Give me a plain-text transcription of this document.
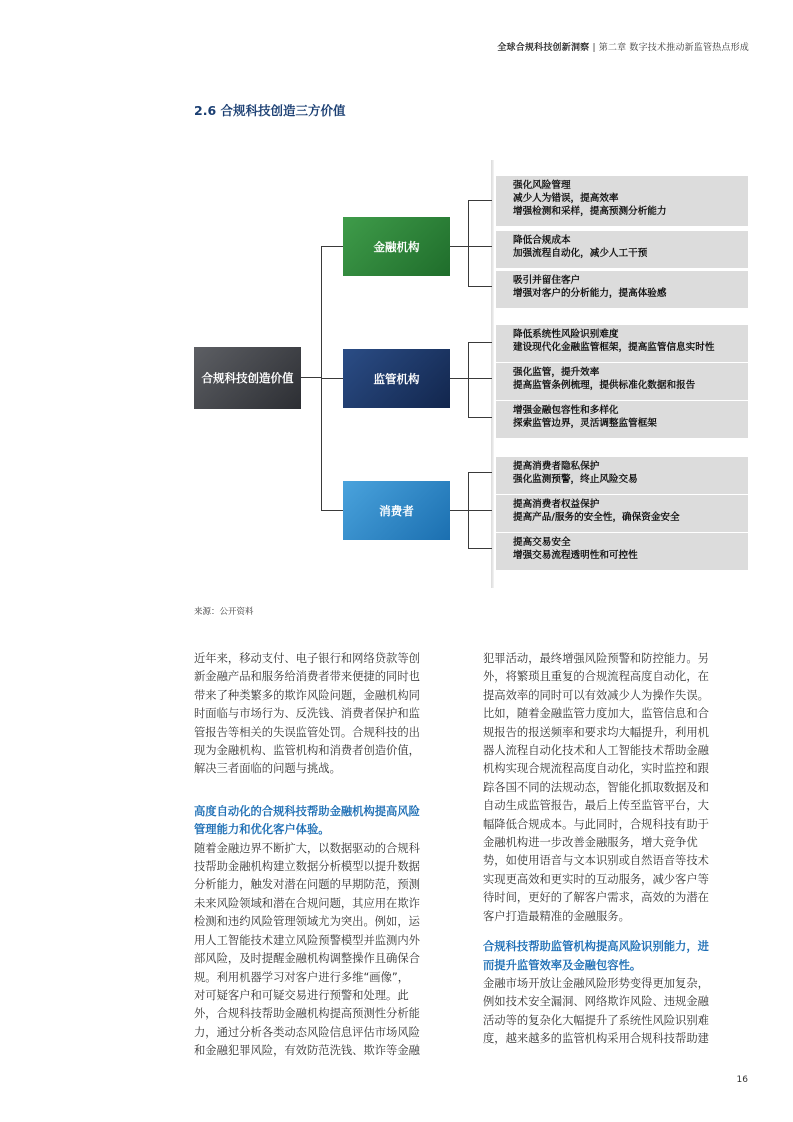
全球合规科技创新洞察 | 第二章 数字技术推动新监管热点形成
2.6 合规科技创造三方价值
合规科技创造价值
金融机构
监管机构
消费者
强化风险管理
减少人为错误，提高效率
增强检测和采样，提高预测分析能力
降低合规成本
加强流程自动化，减少人工干预
吸引并留住客户
增强对客户的分析能力，提高体验感
降低系统性风险识别难度
建设现代化金融监管框架，提高监管信息实时性
强化监管，提升效率
提高监管条例梳理，提供标准化数据和报告
增强金融包容性和多样化
探索监管边界，灵活调整监管框架
提高消费者隐私保护
强化监测预警，终止风险交易
提高消费者权益保护
提高产品/服务的安全性，确保资金安全
提高交易安全
增强交易流程透明性和可控性
来源：公开资料

近年来，移动支付、电子银行和网络贷款等创
新金融产品和服务给消费者带来便捷的同时也
带来了种类繁多的欺诈风险问题，金融机构同
时面临与市场行为、反洗钱、消费者保护和监
管报告等相关的失误监管处罚。合规科技的出
现为金融机构、监管机构和消费者创造价值，
解决三者面临的问题与挑战。

高度自动化的合规科技帮助金融机构提高风险
管理能力和优化客户体验。

随着金融边界不断扩大，以数据驱动的合规科
技帮助金融机构建立数据分析模型以提升数据
分析能力，触发对潜在问题的早期防范，预测
未来风险领域和潜在合规问题，其应用在欺诈
检测和违约风险管理领域尤为突出。例如，运
用人工智能技术建立风险预警模型并监测内外
部风险，及时提醒金融机构调整操作且确保合
规。利用机器学习对客户进行多维“画像”，
对可疑客户和可疑交易进行预警和处理。此
外，合规科技帮助金融机构提高预测性分析能
力，通过分析各类动态风险信息评估市场风险
和金融犯罪风险，有效防范洗钱、欺诈等金融

犯罪活动，最终增强风险预警和防控能力。另
外，将繁琐且重复的合规流程高度自动化，在
提高效率的同时可以有效减少人为操作失误。
比如，随着金融监管力度加大，监管信息和合
规报告的报送频率和要求均大幅提升，利用机
器人流程自动化技术和人工智能技术帮助金融
机构实现合规流程高度自动化，实时监控和跟
踪各国不同的法规动态，智能化抓取数据及和
自动生成监管报告，最后上传至监管平台，大
幅降低合规成本。与此同时，合规科技有助于
金融机构进一步改善金融服务，增大竞争优
势，如使用语音与文本识别或自然语音等技术
实现更高效和更实时的互动服务，减少客户等
待时间，更好的了解客户需求，高效的为潜在
客户打造最精准的金融服务。

合规科技帮助监管机构提高风险识别能力，进
而提升监管效率及金融包容性。

金融市场开放让金融风险形势变得更加复杂，
例如技术安全漏洞、网络欺诈风险、违规金融
活动等的复杂化大幅提升了系统性风险识别难
度，越来越多的监管机构采用合规科技帮助建

16
